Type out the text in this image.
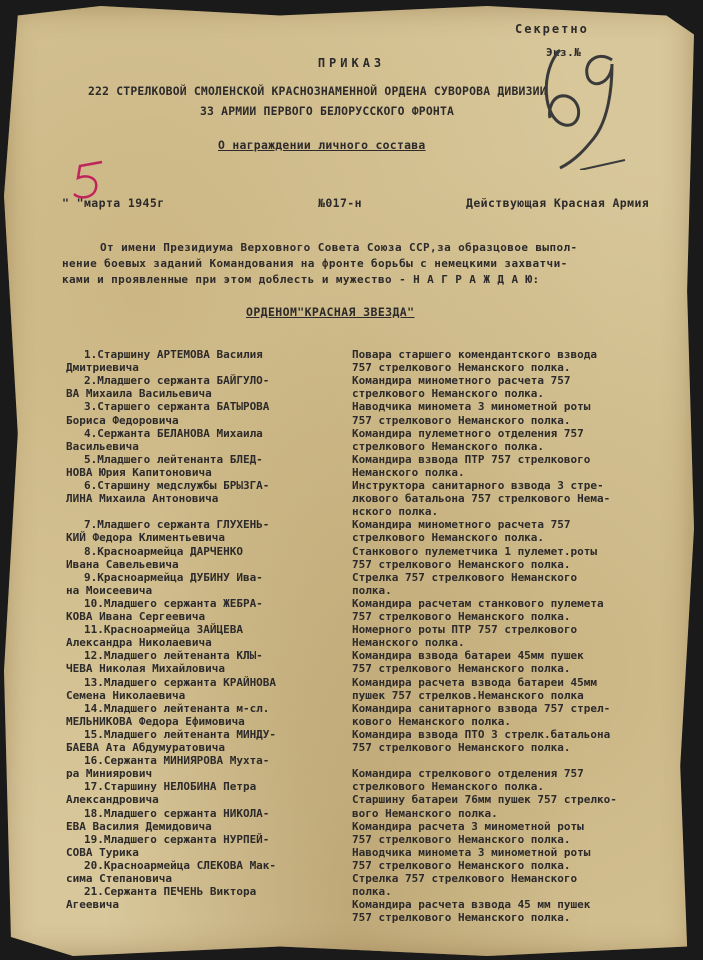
Секретно
Экз.№
ПРИКАЗ
222 СТРЕЛКОВОЙ СМОЛЕНСКОЙ КРАСНОЗНАМЕННОЙ ОРДЕНА СУВОРОВА ДИВИЗИИ
33 АРМИИ ПЕРВОГО БЕЛОРУССКОГО ФРОНТА
О награждении личного состава
" "марта 1945г	№017-н	Действующая Красная Армия
От имени Президиума Верховного Совета Союза ССР,за образцовое выпол-
нение боевых заданий Командования на фронте борьбы с немецкими захватчи-
ками и проявленные при этом доблесть и мужество - Н А Г Р А Ж Д А Ю:
ОРДЕНОМ"КРАСНАЯ ЗВЕЗДА"
1.Старшину АРТЕМОВА Василия
Дмитриевича
2.Младшего сержанта БАЙГУЛО-
ВА Михаила Васильевича
3.Старшего сержанта БАТЫРОВА
Бориса Федоровича
4.Сержанта БЕЛАНОВА Михаила
Васильевича
5.Младшего лейтенанта БЛЕД-
НОВА Юрия Капитоновича
6.Старшину медслужбы БРЫЗГА-
ЛИНА Михаила Антоновича
7.Младшего сержанта ГЛУХЕНЬ-
КИЙ Федора Климентьевича
8.Красноармейца ДАРЧЕНКО
Ивана Савельевича
9.Красноармейца ДУБИНУ Ива-
на Моисеевича
10.Младшего сержанта ЖЕБРА-
КОВА Ивана Сергеевича
11.Красноармейца ЗАЙЦЕВА
Александра Николаевича
12.Младшего лейтенанта КЛЫ-
ЧЕВА Николая Михайловича
13.Младшего сержанта КРАЙНОВА
Семена Николаевича
14.Младшего лейтенанта м-сл.
МЕЛЬНИКОВА Федора Ефимовича
15.Младшего лейтенанта МИНДУ-
БАЕВА Ата Абдумуратовича
16.Сержанта МИНИЯРОВА Мухта-
ра Миниярович
17.Старшину НЕЛОБИНА Петра
Александровича
18.Младшего сержанта НИКОЛА-
ЕВА Василия Демидовича
19.Младшего сержанта НУРПЕЙ-
СОВА Турика
20.Красноармейца СЛЕКОВА Мак-
сима Степановича
21.Сержанта ПЕЧЕНЬ Виктора
Агеевича
Повара старшего комендантского взвода
757 стрелкового Неманского полка.
Командира минометного расчета 757
стрелкового Неманского полка.
Наводчика миномета 3 минометной роты
757 стрелкового Неманского полка.
Командира пулеметного отделения 757
стрелкового Неманского полка.
Командира взвода ПТР 757 стрелкового
Неманского полка.
Инструктора санитарного взвода 3 стре-
лкового батальона 757 стрелкового Нема-
нского полка.
Командира минометного расчета 757
стрелкового Неманского полка.
Станкового пулеметчика 1 пулемет.роты
757 стрелкового Неманского полка.
Стрелка 757 стрелкового Неманского
полка.
Командира расчетам станкового пулемета
757 стрелкового Неманского полка.
Номерного роты ПТР 757 стрелкового
Неманского полка.
Командира взвода батареи 45мм пушек
757 стрелкового Неманского полка.
Командира расчета взвода батареи 45мм
пушек 757 стрелков.Неманского полка
Командира санитарного взвода 757 стрел-
кового Неманского полка.
Командира взвода ПТО 3 стрелк.батальона
757 стрелкового Неманского полка.
Командира стрелкового отделения 757
стрелкового Неманского полка.
Старшину батареи 76мм пушек 757 стрелко-
вого Неманского полка.
Командира расчета 3 минометной роты
757 стрелкового Неманского полка.
Наводчика миномета 3 минометной роты
757 стрелкового Неманского полка.
Стрелка 757 стрелкового Неманского
полка.
Командира расчета взвода 45 мм пушек
757 стрелкового Неманского полка.
